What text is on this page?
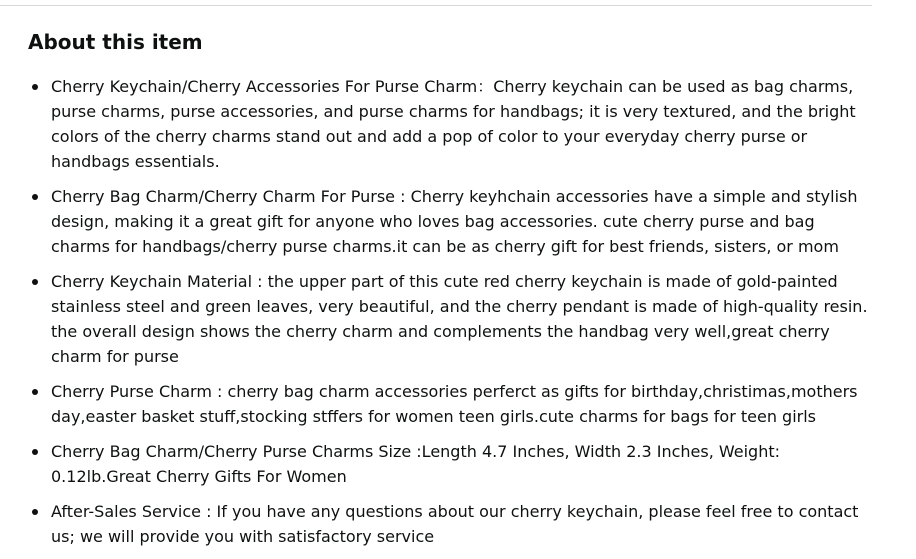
About this item
Cherry Keychain/Cherry Accessories For Purse Charm：Cherry keychain can be used as bag charms, purse charms, purse accessories, and purse charms for handbags; it is very textured, and the bright colors of the cherry charms stand out and add a pop of color to your everyday cherry purse or handbags essentials.
Cherry Bag Charm/Cherry Charm For Purse : Cherry keyhchain accessories have a simple and stylish design, making it a great gift for anyone who loves bag accessories. cute cherry purse and bag charms for handbags/cherry purse charms.it can be as cherry gift for best friends, sisters, or mom
Cherry Keychain Material : the upper part of this cute red cherry keychain is made of gold-painted stainless steel and green leaves, very beautiful, and the cherry pendant is made of high-quality resin. the overall design shows the cherry charm and complements the handbag very well,great cherry charm for purse
Cherry Purse Charm : cherry bag charm accessories perferct as gifts for birthday,christimas,mothers day,easter basket stuff,stocking stffers for women teen girls.cute charms for bags for teen girls
Cherry Bag Charm/Cherry Purse Charms Size :Length 4.7 Inches, Width 2.3 Inches, Weight: 0.12lb.Great Cherry Gifts For Women
After-Sales Service : If you have any questions about our cherry keychain, please feel free to contact us; we will provide you with satisfactory service
